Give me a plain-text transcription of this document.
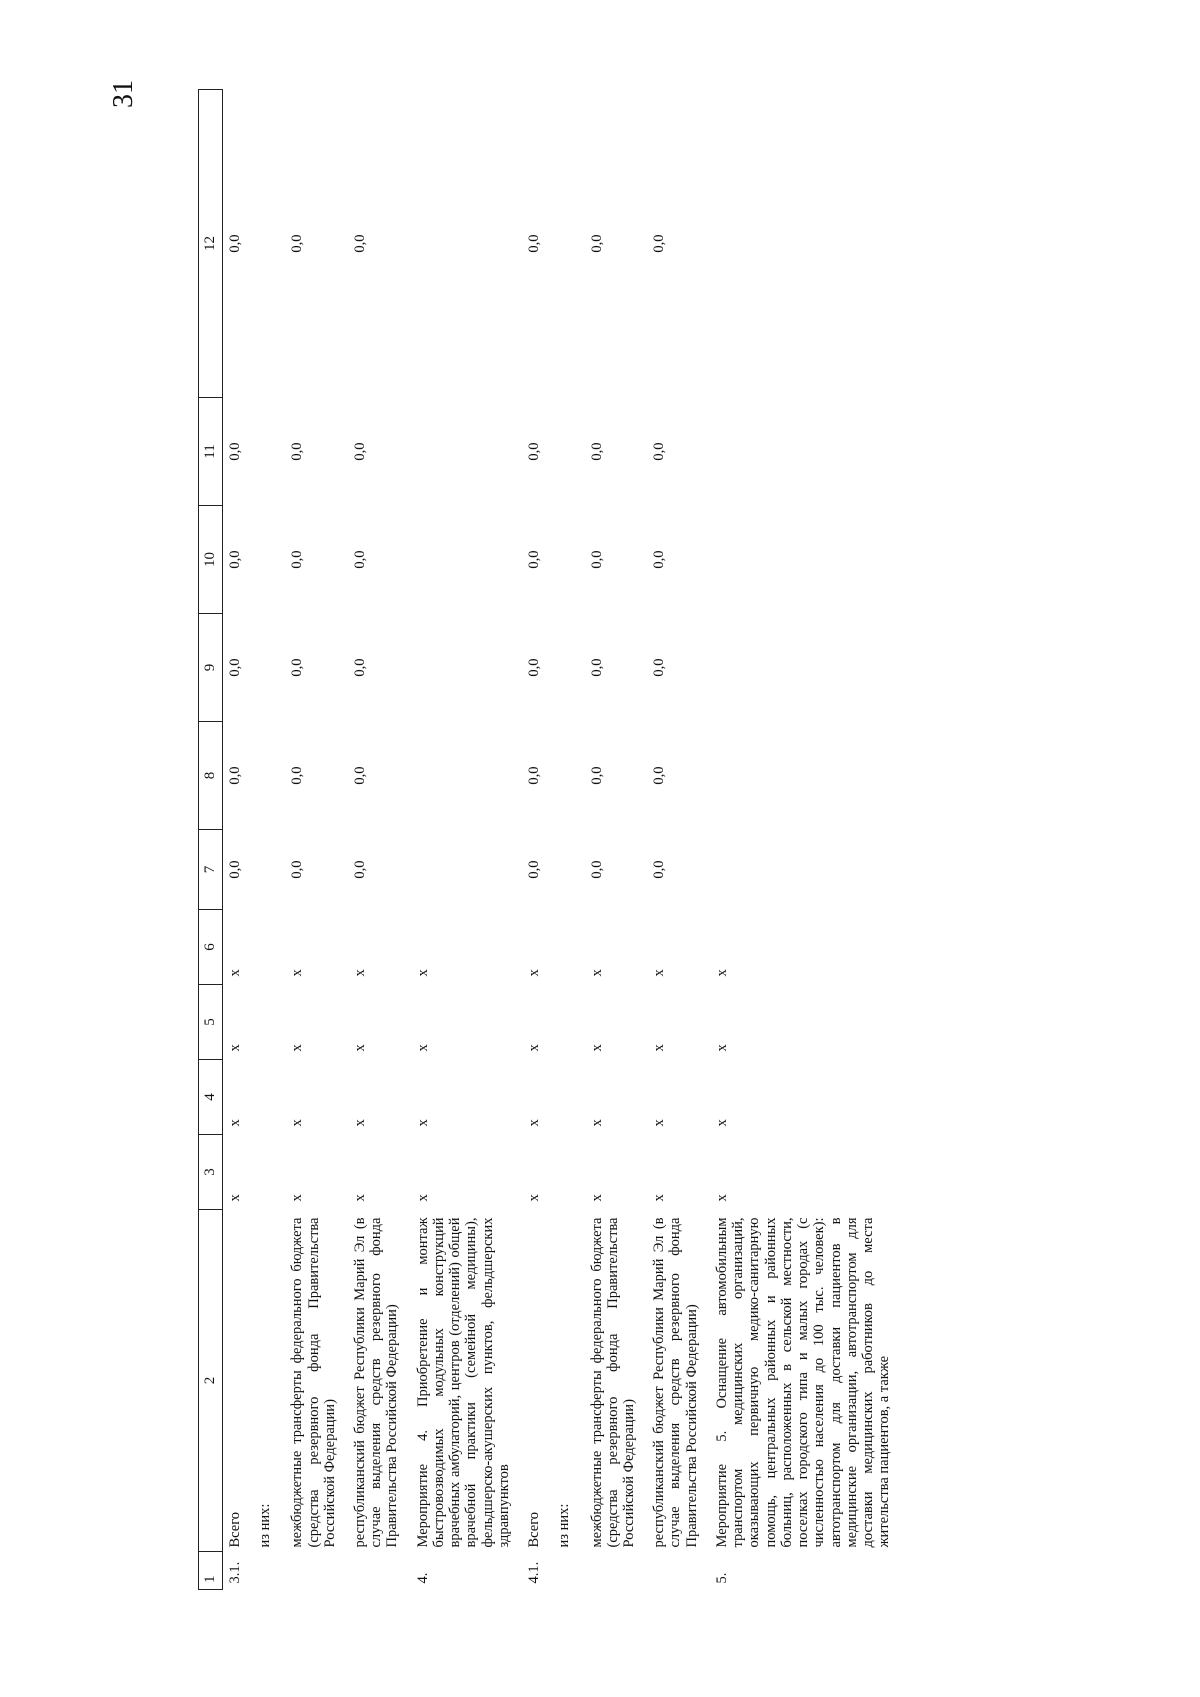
31
1	2	3	4	5	6	7	8	9	10	11	12
3.1.	Всего	x	x	x	x	0,0	0,0	0,0	0,0	0,0	0,0
	из них:										
	межбюджетные трансферты федерального бюджета (средства резервного фонда Правительства Российской Федерации)	x	x	x	x	0,0	0,0	0,0	0,0	0,0	0,0
	республиканский бюджет Республики Марий Эл (в случае выделения средств резервного фонда Правительства Российской Федерации)	x	x	x	x	0,0	0,0	0,0	0,0	0,0	0,0
4.	Мероприятие 4. Приобретение и монтаж быстровозводимых модульных конструкций врачебных амбулаторий, центров (отделений) общей врачебной практики (семейной медицины), фельдшерско-акушерских пунктов, фельдшерских здравпунктов	x	x	x	x						
4.1.	Всего	x	x	x	x	0,0	0,0	0,0	0,0	0,0	0,0
	из них:										
	межбюджетные трансферты федерального бюджета (средства резервного фонда Правительства Российской Федерации)	x	x	x	x	0,0	0,0	0,0	0,0	0,0	0,0
	республиканский бюджет Республики Марий Эл (в случае выделения средств резервного фонда Правительства Российской Федерации)	x	x	x	x	0,0	0,0	0,0	0,0	0,0	0,0
5.	Мероприятие 5. Оснащение автомобильным транспортом медицинских организаций, оказывающих первичную медико-санитарную помощь, центральных районных и районных больниц, расположенных в сельской местности, поселках городского типа и малых городах (с численностью населения до 100 тыс. человек): автотранспортом для доставки пациентов в медицинские организации, автотранспортом для доставки медицинских работников до места жительства пациентов, а также	x	x	x	x						
